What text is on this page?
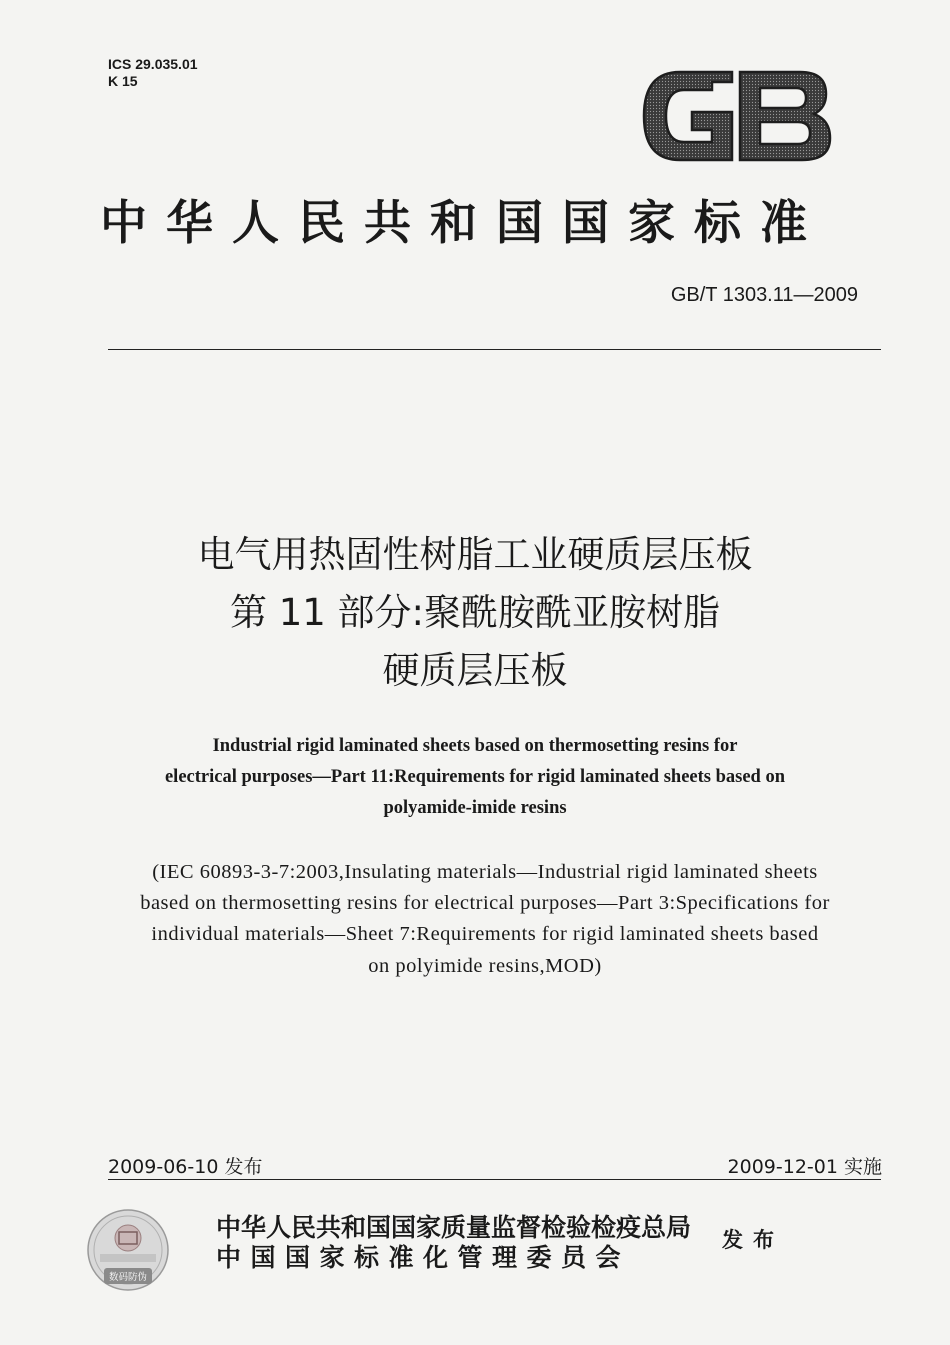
ICS 29.035.01
K 15
GB
中华人民共和国国家标准
GB/T 1303.11—2009
电气用热固性树脂工业硬质层压板
第 11 部分:聚酰胺酰亚胺树脂
硬质层压板
Industrial rigid laminated sheets based on thermosetting resins for
electrical purposes—Part 11:Requirements for rigid laminated sheets based on
polyamide-imide resins
(IEC 60893-3-7:2003,Insulating materials—Industrial rigid laminated sheets
based on thermosetting resins for electrical purposes—Part 3:Specifications for
individual materials—Sheet 7:Requirements for rigid laminated sheets based
on polyimide resins,MOD)
2009-06-10 发布	2009-12-01 实施
数码防伪
中华人民共和国国家质量监督检验检疫总局
中国国家标准化管理委员会
发布
